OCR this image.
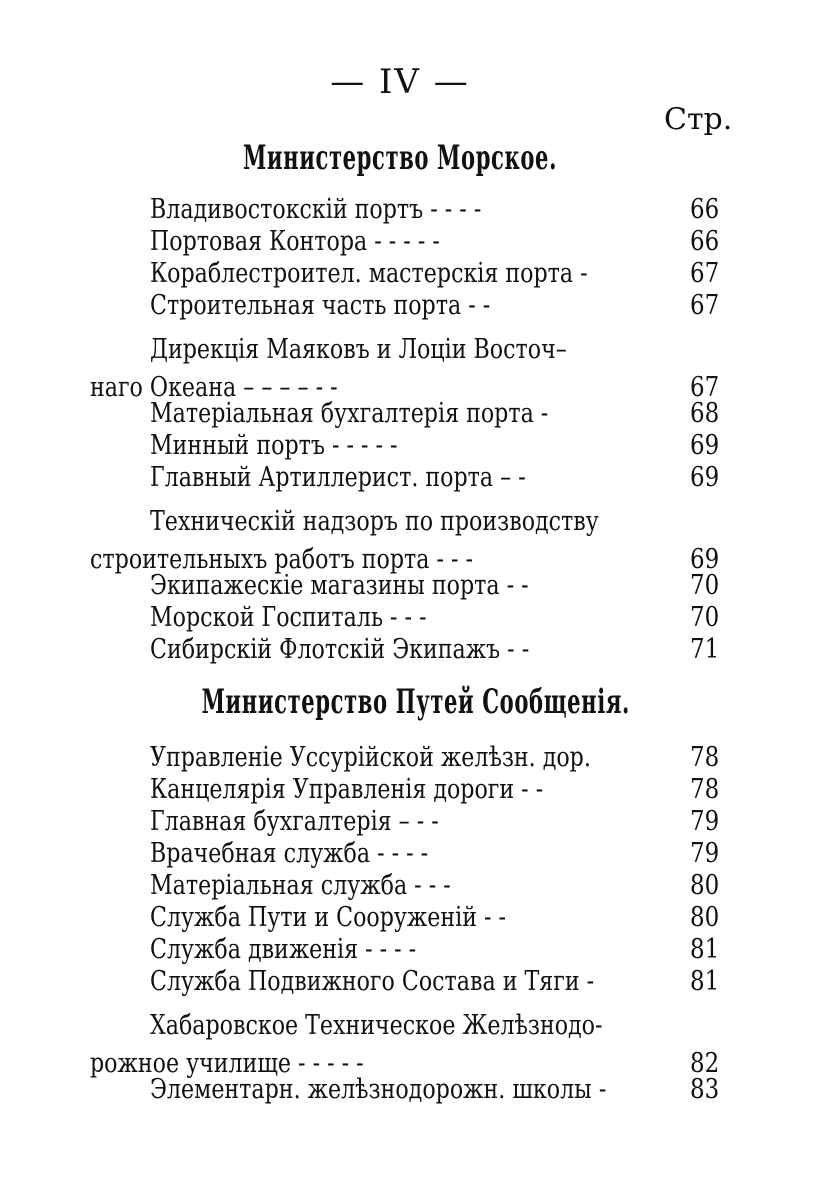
— IV —
Стр.
Министерство Морское.
Владивостокскій портъ - - - -	66
Портовая Контора - - - - -	66
Кораблестроител. мастерскія порта -	67
Строительная часть порта - -	67
Дирекція Маяковъ и Лоціи Восточ–
наго Океана – – – – - -	67
Матеріальная бухгалтерія порта -	68
Минный портъ - - - - -	69
Главный Артиллерист. порта – -	69
Техническій надзоръ по производству
строительныхъ работъ порта - - -	69
Экипажескіе магазины порта - -	70
Морской Госпиталь - - -	70
Сибирскій Флотскій Экипажъ - -	71
Министерство Путей Сообщенія.
Управленіе Уссурійской желѣзн. дор.	78
Канцелярія Управленія дороги - -	78
Главная бухгалтерія – - -	79
Врачебная служба - - - -	79
Матеріальная служба - - -	80
Служба Пути и Сооруженій - -	80
Служба движенія - - - -	81
Служба Подвижного Состава и Тяги -	81
Хабаровское Техническое Желѣзнодо-
рожное училище - - - - -	82
Элементарн. желѣзнодорожн. школы -	83
